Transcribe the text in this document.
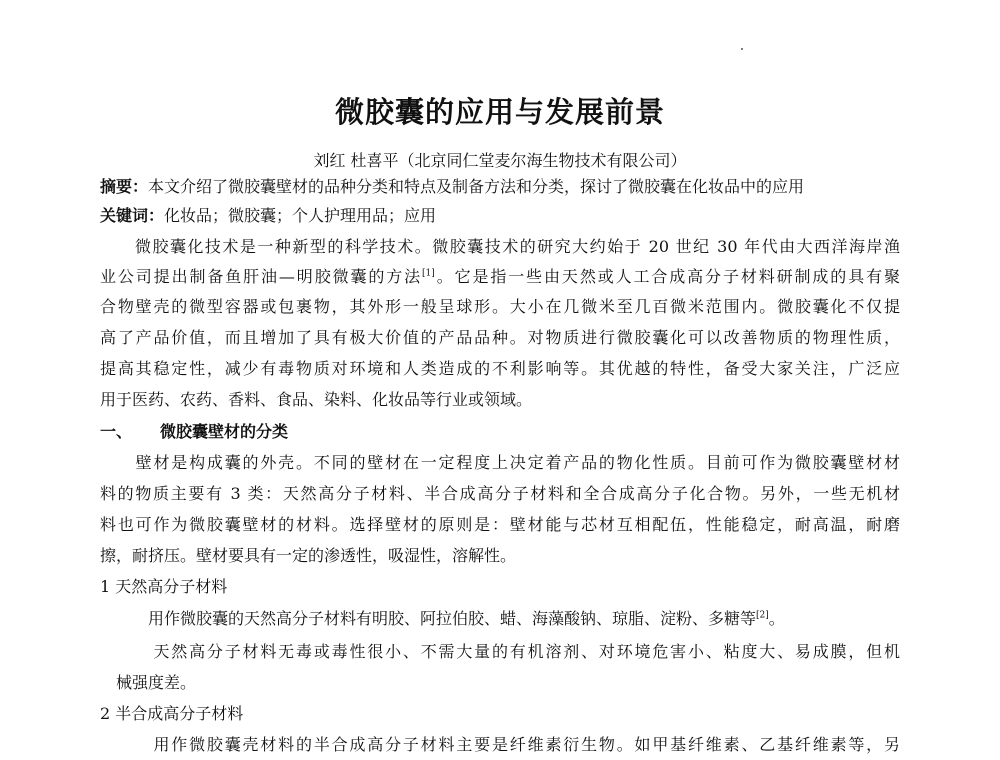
微胶囊的应用与发展前景
刘红 杜喜平（北京同仁堂麦尔海生物技术有限公司）
摘要：本文介绍了微胶囊壁材的品种分类和特点及制备方法和分类，探讨了微胶囊在化妆品中的应用
关键词：化妆品；微胶囊；个人护理用品；应用
　　微胶囊化技术是一种新型的科学技术。微胶囊技术的研究大约始于 20 世纪 30 年代由大西洋海岸渔
业公司提出制备鱼肝油—明胶微囊的方法[1]。它是指一些由天然或人工合成高分子材料研制成的具有聚
合物壁壳的微型容器或包裹物，其外形一般呈球形。大小在几微米至几百微米范围内。微胶囊化不仅提
高了产品价值，而且增加了具有极大价值的产品品种。对物质进行微胶囊化可以改善物质的物理性质，
提高其稳定性，减少有毒物质对环境和人类造成的不利影响等。其优越的特性，备受大家关注，广泛应
用于医药、农药、香料、食品、染料、化妆品等行业或领域。
一、 微胶囊壁材的分类
　　壁材是构成囊的外壳。不同的壁材在一定程度上决定着产品的物化性质。目前可作为微胶囊壁材材
料的物质主要有 3 类：天然高分子材料、半合成高分子材料和全合成高分子化合物。另外，一些无机材
料也可作为微胶囊壁材的材料。选择壁材的原则是：壁材能与芯材互相配伍，性能稳定，耐高温，耐磨
擦，耐挤压。壁材要具有一定的渗透性，吸湿性，溶解性。
1 天然高分子材料
　　　用作微胶囊的天然高分子材料有明胶、阿拉伯胶、蜡、海藻酸钠、琼脂、淀粉、多糖等[2]。
　　　天然高分子材料无毒或毒性很小、不需大量的有机溶剂、对环境危害小、粘度大、易成膜，但机
　械强度差。
2 半合成高分子材料
　　　用作微胶囊壳材料的半合成高分子材料主要是纤维素衍生物。如甲基纤维素、乙基纤维素等，另
